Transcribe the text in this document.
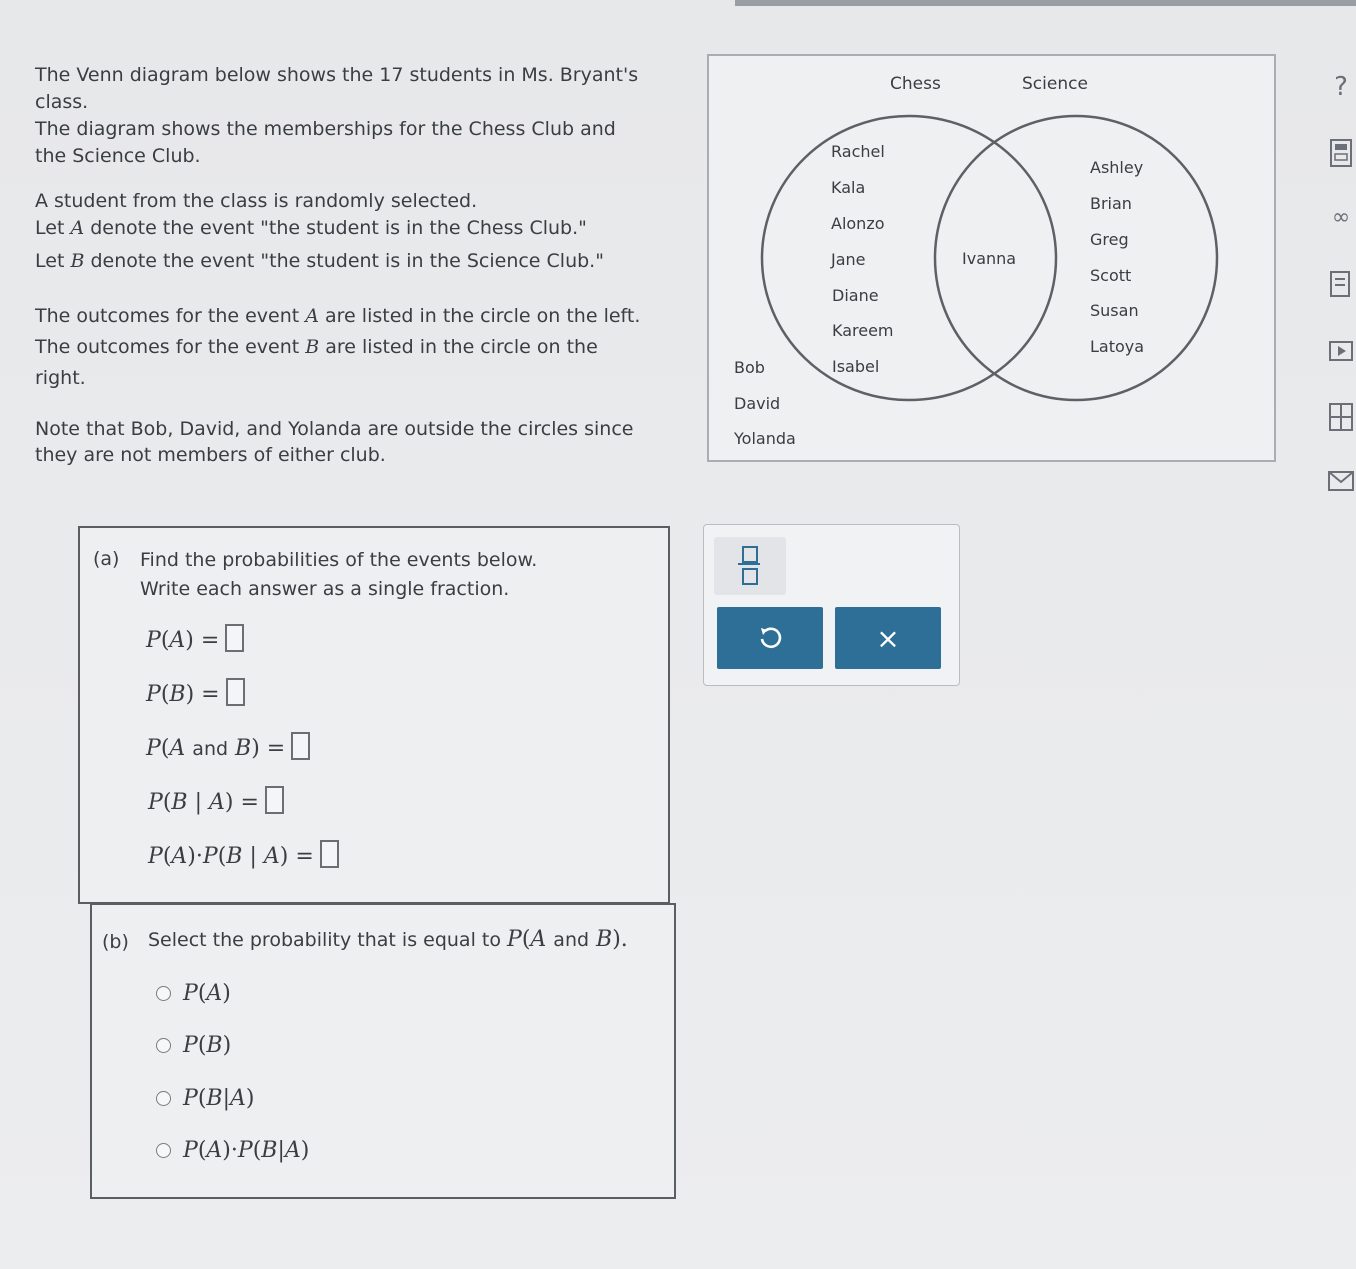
The Venn diagram below shows the 17 students in Ms. Bryant's class.

The diagram shows the memberships for the Chess Club and the Science Club.

A student from the class is randomly selected.

Let A denote the event "the student is in the Chess Club."

Let B denote the event "the student is in the Science Club."

The outcomes for the event A are listed in the circle on the left.

The outcomes for the event B are listed in the circle on the right.

Note that Bob, David, and Yolanda are outside the circles since they are not members of either club.

Chess	Science
Rachel
Kala
Alonzo
Jane
Diane
Kareem
Isabel
Ivanna
Ashley
Brian
Greg
Scott
Susan
Latoya
Bob
David
Yolanda
(a) Find the probabilities of the events below.
Write each answer as a single fraction.
P(A) =
P(B) =
P(A and B) =
P(B | A) =
P(A)·P(B | A) =
(b) Select the probability that is equal to P(A and B).
P ( A )
P ( B )
P ( B | A )
P ( A )· P ( B | A )
×
?
∞
